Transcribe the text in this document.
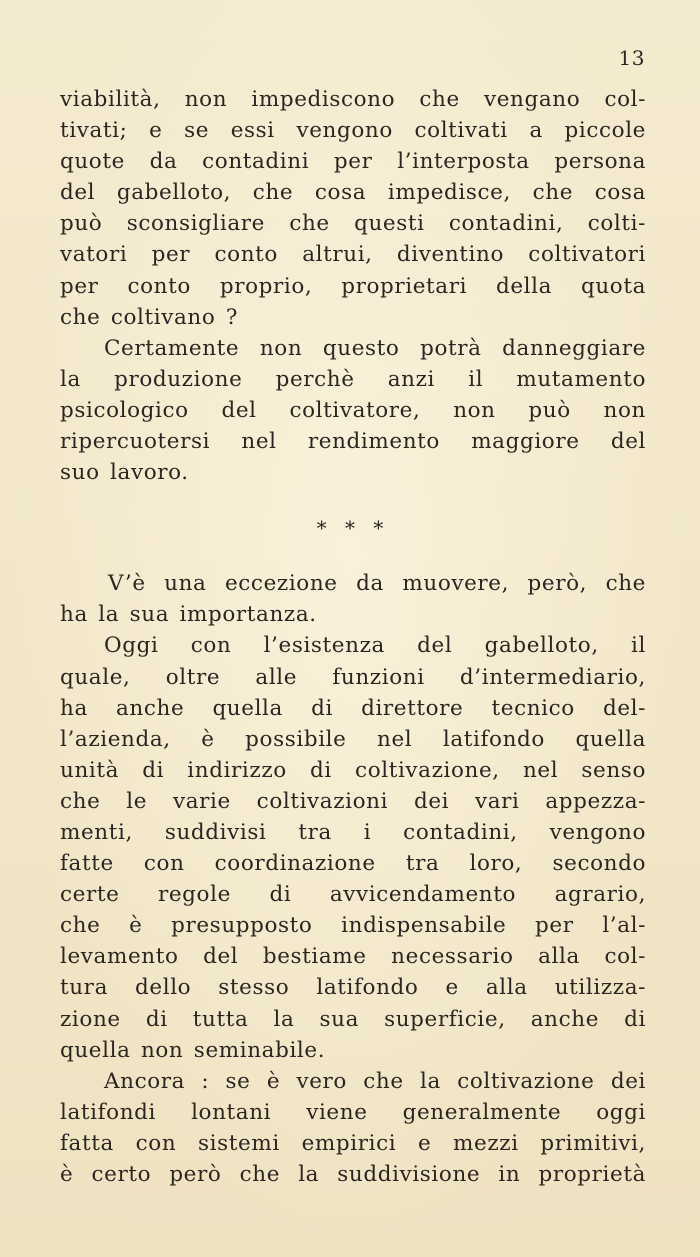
13
viabilità, non impediscono che vengano col-
tivati; e se essi vengono coltivati a piccole
quote da contadini per l’interposta persona
del gabelloto, che cosa impedisce, che cosa
può sconsigliare che questi contadini, colti-
vatori per conto altrui, diventino coltivatori
per conto proprio, proprietari della quota
che coltivano ?
Certamente non questo potrà danneggiare
la produzione perchè anzi il mutamento
psicologico del coltivatore, non può non
ripercuotersi nel rendimento maggiore del
suo lavoro.
* * *
V’è una eccezione da muovere, però, che
ha la sua importanza.
Oggi con l’esistenza del gabelloto, il
quale, oltre alle funzioni d’intermediario,
ha anche quella di direttore tecnico del-
l’azienda, è possibile nel latifondo quella
unità di indirizzo di coltivazione, nel senso
che le varie coltivazioni dei vari appezza-
menti, suddivisi tra i contadini, vengono
fatte con coordinazione tra loro, secondo
certe regole di avvicendamento agrario,
che è presupposto indispensabile per l’al-
levamento del bestiame necessario alla col-
tura dello stesso latifondo e alla utilizza-
zione di tutta la sua superficie, anche di
quella non seminabile.
Ancora : se è vero che la coltivazione dei
latifondi lontani viene generalmente oggi
fatta con sistemi empirici e mezzi primitivi,
è certo però che la suddivisione in proprietà
